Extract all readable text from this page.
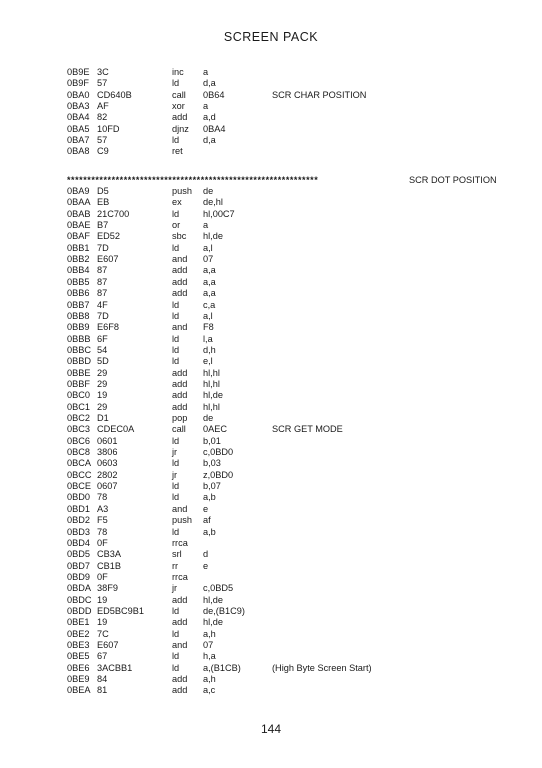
SCREEN PACK
0B9E 3C	inc a
0B9F 57	ld	d,a
0BA0 CD640B	call 0B64	SCR CHAR POSITION
0BA3 AF	xor a
0BA4 82	add a,d
0BA5 10FD	djnz 0BA4
0BA7 57	ld	d,a
0BA8 C9	ret
**************************************************************	SCR DOT POSITION
0BA9 D5	push de
0BAA EB	ex de,hl
0BAB 21C700	ld	hl,00C7
0BAE B7	or a
0BAF ED52	sbc hl,de
0BB1 7D	ld	a,l
0BB2 E607	and 07
0BB4 87	add a,a
0BB5 87	add a,a
0BB6 87	add a,a
0BB7 4F	ld	c,a
0BB8 7D	ld	a,l
0BB9 E6F8	and F8
0BBB 6F	ld	l,a
0BBC 54	ld	d,h
0BBD 5D	ld	e,l
0BBE 29	add hl,hl
0BBF 29	add hl,hl
0BC0 19	add hl,de
0BC1 29	add hl,hl
0BC2 D1	pop de
0BC3 CDEC0A	call 0AEC	SCR GET MODE
0BC6 0601	ld	b,01
0BC8 3806	jr	c,0BD0
0BCA 0603	ld	b,03
0BCC 2802	jr	z,0BD0
0BCE 0607	ld	b,07
0BD0 78	ld	a,b
0BD1 A3	and e
0BD2 F5	push af
0BD3 78	ld	a,b
0BD4 0F	rrca
0BD5 CB3A	srl d
0BD7 CB1B	rr	e
0BD9 0F	rrca
0BDA 38F9	jr	c,0BD5
0BDC 19	add hl,de
0BDD ED5BC9B1	ld	de,(B1C9)
0BE1 19	add hl,de
0BE2 7C	ld	a,h
0BE3 E607	and 07
0BE5 67	ld	h,a
0BE6 3ACBB1	ld	a,(B1CB)	(High Byte Screen Start)
0BE9 84	add a,h
0BEA 81	add a,c
144
